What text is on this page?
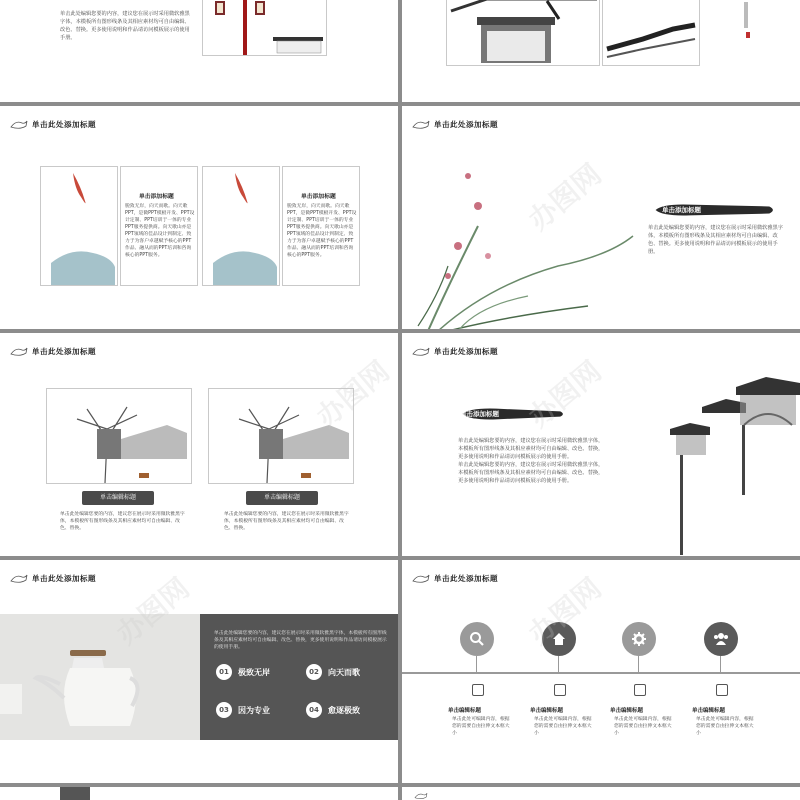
单击此处编辑您要的内容，建议您在展示时采用微软雅黑字体，本模板所有图形线条及其相应素材均可自由编辑、改色、替换。更多使用说明和作品请访问模板展示的使用手册。
单击此处添加标题
单击添加标题
脱敛无岸，向天而歌。向天歌PPT，是微PPT模板开发、PPT设计定制、PPT培训于一体的专业PPT服务提供商。向天歌山亦是PPT领域的佳品设计到制定、致力于为客户卓越赋予核心的PPT作品、融从而的PPT培训和咨询核心的PPT服务。
单击添加标题
脱敛无岸，向天而歌。向天歌PPT，是微PPT模板开发、PPT设计定制、PPT培训于一体的专业PPT服务提供商。向天歌山亦是PPT领域的佳品设计到制定、致力于为客户卓越赋予核心的PPT作品、融从而的PPT培训和咨询核心的PPT服务。
单击此处添加标题
单击添加标题
单击此处编辑您要的内容，建议您在展示时采用微软雅黑字体，本模板所有图形线条及其相应素材均可自由编辑、改色、替换。更多使用说明和作品请访问模板展示的使用手册。
办图网
单击此处添加标题
单击编辑标题	单击编辑标题
单击此处编辑您要的内容，建议您在展示时采用微软雅黑字体，本模板所有图形线条及其相应素材均可自由编辑、改色、替换。
单击此处编辑您要的内容，建议您在展示时采用微软雅黑字体，本模板所有图形线条及其相应素材均可自由编辑、改色、替换。
办图网
单击此处添加标题
单击添加标题
单击此处编辑您要的内容，建议您在展示时采用微软雅黑字体，本模板所有图形线条及其相应素材均可自由编辑、改色、替换，更多使用说明和作品请访问模板展示的使用手册。
单击此处编辑您要的内容，建议您在展示时采用微软雅黑字体，本模板所有图形线条及其相应素材均可自由编辑、改色、替换，更多使用说明和作品请访问模板展示的使用手册。
办图网
单击此处添加标题
单击此处编辑您要的内容，建议您在展示时采用微软雅黑字体，本模板所有图形线条及其相应素材均可自由编辑、改色、替换，更多使用说明和作品请访问模板展示的使用手册。
01	极致无岸	02	向天而歌
03	因为专业	04	愈逐极致
办图网	单击此处添加标题
单击编辑标题
单击此处可编辑内容，根据您的需要自由拉伸文本框大小
单击编辑标题
单击此处可编辑内容，根据您的需要自由拉伸文本框大小
单击编辑标题
单击此处可编辑内容，根据您的需要自由拉伸文本框大小
单击编辑标题
单击此处可编辑内容，根据您的需要自由拉伸文本框大小
办图网
